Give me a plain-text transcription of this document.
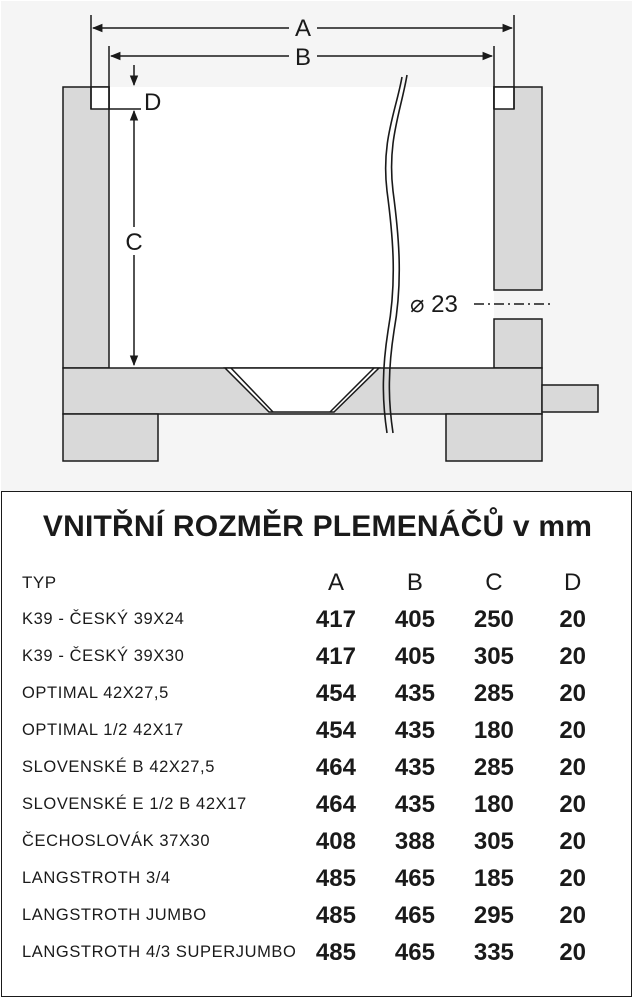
A
B
C
D
⌀ 23
VNITŘNÍ ROZMĚR PLEMENÁČŮ v mm
TYP	A	B	C	D
K39 - ČESKÝ 39X24	417	405	250	20
K39 - ČESKÝ 39X30	417	405	305	20
OPTIMAL 42X27,5	454	435	285	20
OPTIMAL 1/2 42X17	454	435	180	20
SLOVENSKÉ B 42X27,5	464	435	285	20
SLOVENSKÉ E 1/2 B 42X17	464	435	180	20
ČECHOSLOVÁK 37X30	408	388	305	20
LANGSTROTH 3/4	485	465	185	20
LANGSTROTH JUMBO	485	465	295	20
LANGSTROTH 4/3 SUPERJUMBO	485	465	335	20
